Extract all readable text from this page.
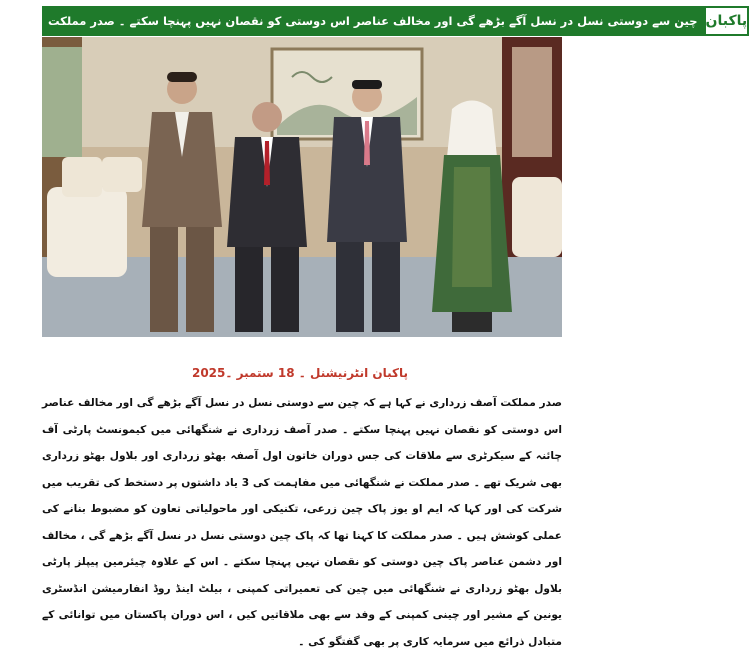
چین سے دوستی نسل در نسل آگے بڑھے گی اور مخالف عناصر اس دوستی کو نقصان نہیں پہنچا سکتے ۔ صدر مملکت پاکبان
پاکبان انٹرنیشنل ۔ 18 ستمبر ۔2025
صدر مملکت آصف زرداری نے کہا ہے کہ چین سے دوستی نسل در نسل آگے بڑھے گی اور مخالف عناصر اس دوستی کو نقصان نہیں پہنچا سکتے ۔ صدر آصف زرداری نے شنگھائی میں کیمونسٹ پارٹی آف چائنہ کے سیکرٹری سے ملاقات کی جس دوران خاتون اول آصفہ بھٹو زرداری اور بلاول بھٹو زرداری بھی شریک تھے ۔ صدر مملکت نے شنگھائی میں مفاہمت کی 3 یاد داشتوں پر دستخط کی تقریب میں شرکت کی اور کہا کہ ایم او یوز پاک چین زرعی، تکنیکی اور ماحولیاتی تعاون کو مضبوط بنانے کی عملی کوشش ہیں ۔ صدر مملکت کا کہنا تھا کہ پاک چین دوستی نسل در نسل آگے بڑھے گی ، مخالف اور دشمن عناصر پاک چین دوستی کو نقصان نہیں پہنچا سکتے ۔ اس کے علاوہ چیئرمین پیپلز پارٹی بلاول بھٹو زرداری نے شنگھائی میں چین کی تعمیراتی کمپنی ، بیلٹ اینڈ روڈ انفارمیشن انڈسٹری یونین کے مشیر اور چینی کمپنی کے وفد سے بھی ملاقاتیں کیں ، اس دوران پاکستان میں توانائی کے متبادل ذرائع میں سرمایہ کاری پر بھی گفتگو کی ۔
